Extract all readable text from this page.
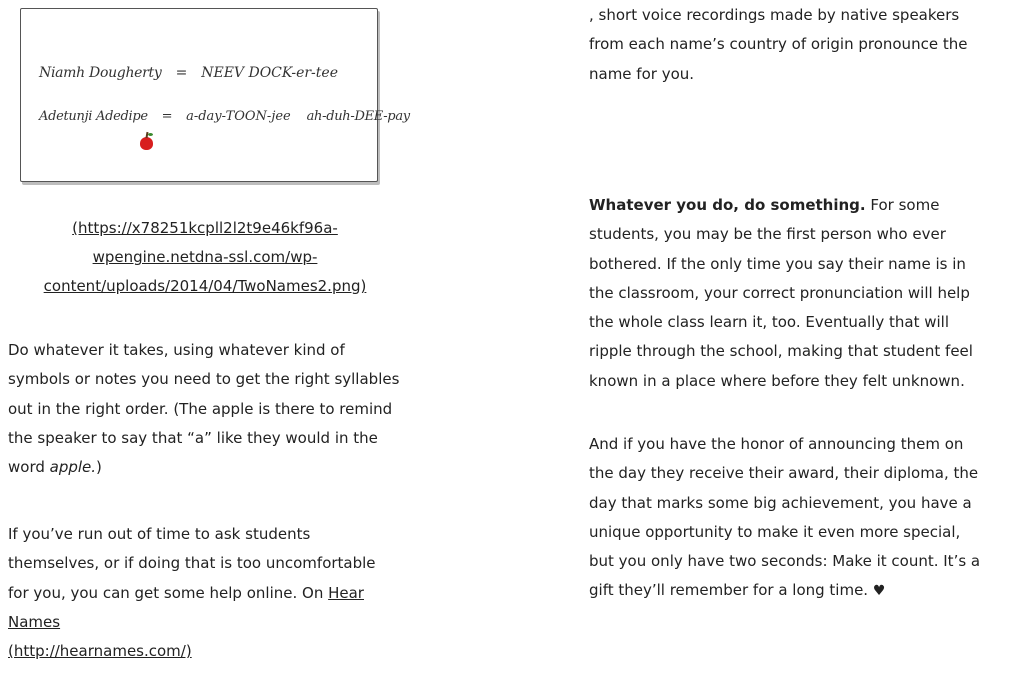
Niamh Dougherty = NEEV DOCK-er-tee
Adetunji Adedipe = a-day-TOON-jee ah-duh-DEE-pay
(https://x78251kcpll2l2t9e46kf96a-
wpengine.netdna-ssl.com/wp-
content/uploads/2014/04/TwoNames2.png)

Do whatever it takes, using whatever kind of symbols or notes you need to get the right syllables out in the right order. (The apple is there to remind the speaker to say that “a” like they would in the word apple.)

If you’ve run out of time to ask students themselves, or if doing that is too uncomfortable for you, you can get some help online. On Hear Names
(http://hearnames.com/)

, short voice recordings made by native speakers from each name’s country of origin pronounce the name for you.

Whatever you do, do something. For some students, you may be the first person who ever bothered. If the only time you say their name is in the classroom, your correct pronunciation will help the whole class learn it, too. Eventually that will ripple through the school, making that student feel known in a place where before they felt unknown.

And if you have the honor of announcing them on the day they receive their award, their diploma, the day that marks some big achievement, you have a unique opportunity to make it even more special, but you only have two seconds: Make it count. It’s a gift they’ll remember for a long time. ♥
